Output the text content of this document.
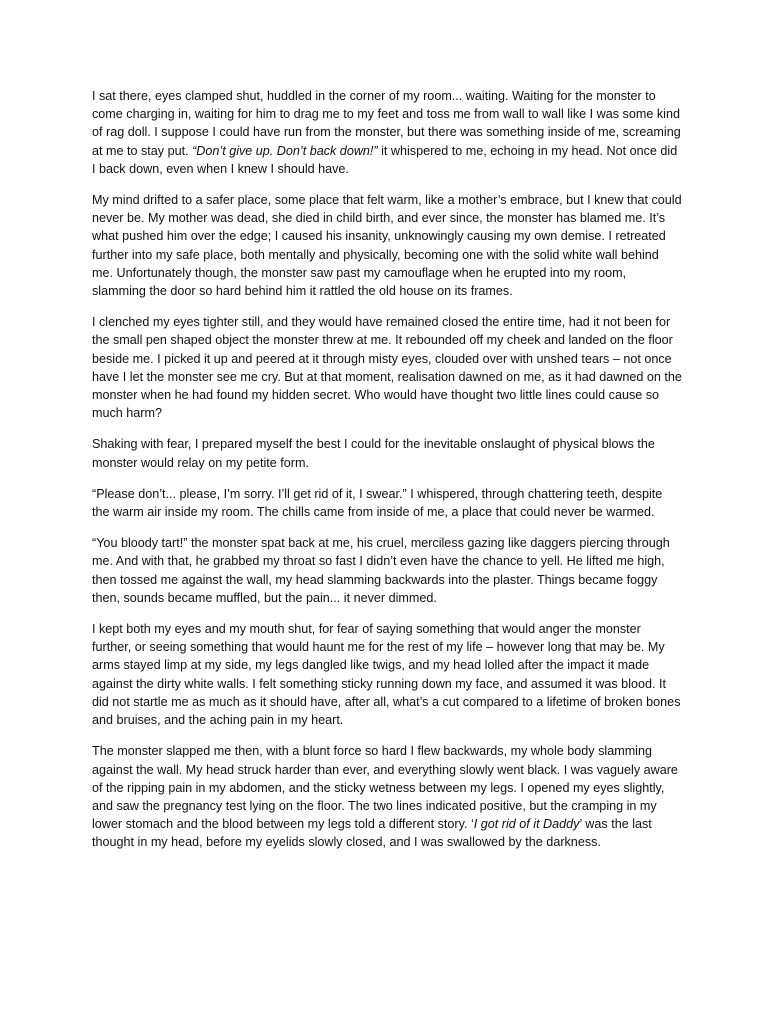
I sat there, eyes clamped shut, huddled in the corner of my room... waiting. Waiting for the monster to come charging in, waiting for him to drag me to my feet and toss me from wall to wall like I was some kind of rag doll. I suppose I could have run from the monster, but there was something inside of me, screaming at me to stay put. “Don’t give up. Don’t back down!” it whispered to me, echoing in my head. Not once did I back down, even when I knew I should have.

My mind drifted to a safer place, some place that felt warm, like a mother’s embrace, but I knew that could never be. My mother was dead, she died in child birth, and ever since, the monster has blamed me. It’s what pushed him over the edge; I caused his insanity, unknowingly causing my own demise. I retreated further into my safe place, both mentally and physically, becoming one with the solid white wall behind me. Unfortunately though, the monster saw past my camouflage when he erupted into my room, slamming the door so hard behind him it rattled the old house on its frames.

I clenched my eyes tighter still, and they would have remained closed the entire time, had it not been for the small pen shaped object the monster threw at me. It rebounded off my cheek and landed on the floor beside me. I picked it up and peered at it through misty eyes, clouded over with unshed tears – not once have I let the monster see me cry. But at that moment, realisation dawned on me, as it had dawned on the monster when he had found my hidden secret. Who would have thought two little lines could cause so much harm?

Shaking with fear, I prepared myself the best I could for the inevitable onslaught of physical blows the monster would relay on my petite form.

“Please don’t... please, I’m sorry. I’ll get rid of it, I swear.” I whispered, through chattering teeth, despite the warm air inside my room. The chills came from inside of me, a place that could never be warmed.

“You bloody tart!” the monster spat back at me, his cruel, merciless gazing like daggers piercing through me. And with that, he grabbed my throat so fast I didn’t even have the chance to yell. He lifted me high, then tossed me against the wall, my head slamming backwards into the plaster. Things became foggy then, sounds became muffled, but the pain... it never dimmed.

I kept both my eyes and my mouth shut, for fear of saying something that would anger the monster further, or seeing something that would haunt me for the rest of my life – however long that may be. My arms stayed limp at my side, my legs dangled like twigs, and my head lolled after the impact it made against the dirty white walls. I felt something sticky running down my face, and assumed it was blood. It did not startle me as much as it should have, after all, what’s a cut compared to a lifetime of broken bones and bruises, and the aching pain in my heart.

The monster slapped me then, with a blunt force so hard I flew backwards, my whole body slamming against the wall. My head struck harder than ever, and everything slowly went black. I was vaguely aware of the ripping pain in my abdomen, and the sticky wetness between my legs. I opened my eyes slightly, and saw the pregnancy test lying on the floor. The two lines indicated positive, but the cramping in my lower stomach and the blood between my legs told a different story. ‘I got rid of it Daddy’ was the last thought in my head, before my eyelids slowly closed, and I was swallowed by the darkness.
